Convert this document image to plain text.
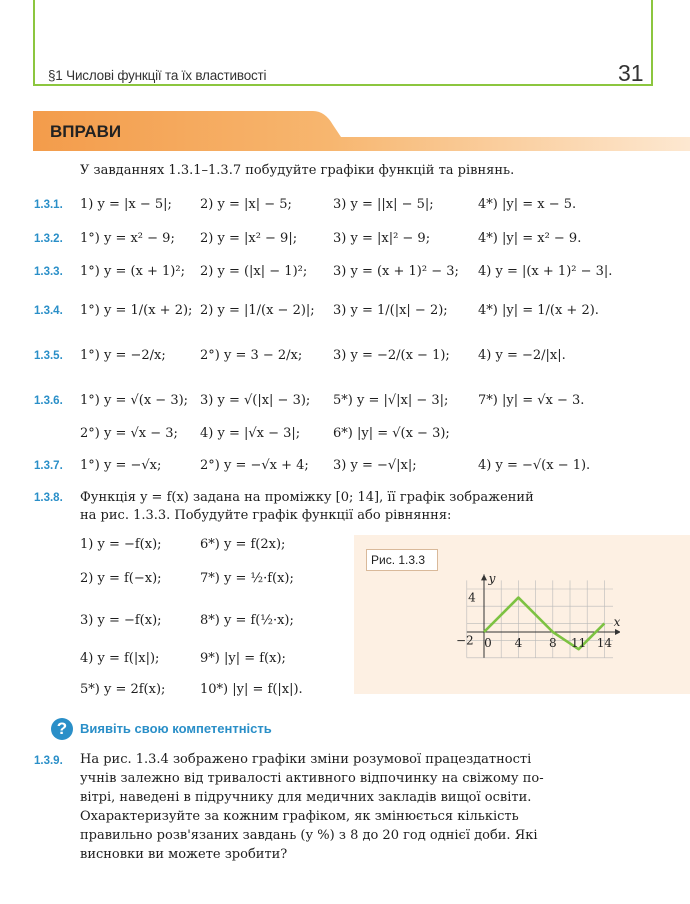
§1 Числові функції та їх властивості	31
ВПРАВИ
У завданнях 1.3.1–1.3.7 побудуйте графіки функцій та рівнянь.
1.3.1. 1) y = |x − 5|; 2) y = |x| − 5;	3) y = ||x| − 5|;	4*) |y| = x − 5.
1.3.2. 1°) y = x² − 9; 2) y = |x² − 9|;	3) y = |x|² − 9;	4*) |y| = x² − 9.
1.3.3. 1°) y = (x + 1)²; 2) y = (|x| − 1)²; 3) y = (x + 1)² − 3; 4) y = |(x + 1)² − 3|.
1.3.4. 1°) y = 1/(x + 2); 2) y = |1/(x − 2)|; 3) y = 1/(|x| − 2); 4*) |y| = 1/(x + 2).
1.3.5. 1°) y = −2/x;	2°) y = 3 − 2/x; 3) y = −2/(x − 1); 4) y = −2/|x|.
1.3.6. 1°) y = √(x − 3); 3) y = √(|x| − 3); 5*) y = |√|x| − 3|; 7*) |y| = √x − 3.
2°) y = √x − 3; 4) y = |√x − 3|;	6*) |y| = √(x − 3);
1.3.7. 1°) y = −√x;	2°) y = −√x + 4; 3) y = −√|x|;	4) y = −√(x − 1).
1.3.8. Функція y = f(x) задана на проміжку [0; 14], її графік зображений
на рис. 1.3.3. Побудуйте графік функції або рівняння:
1) y = −f(x);	6*) y = f(2x);
2) y = f(−x);	7*) y = ½·f(x);
3) y = −f(x);	8*) y = f(½·x);
4) y = f(|x|);	9*) |y| = f(x);
5*) y = 2f(x);	10*) |y| = f(|x|).
Рис. 1.3.3
0 4 8 11 14
4
−2
x
y
? Виявіть свою компетентність
1.3.9. На рис. 1.3.4 зображено графіки зміни розумової працездатності
учнів залежно від тривалості активного відпочинку на свіжому по-
вітрі, наведені в підручнику для медичних закладів вищої освіти.
Охарактеризуйте за кожним графіком, як змінюється кількість
правильно розв'язаних завдань (у %) з 8 до 20 год однієї доби. Які
висновки ви можете зробити?
